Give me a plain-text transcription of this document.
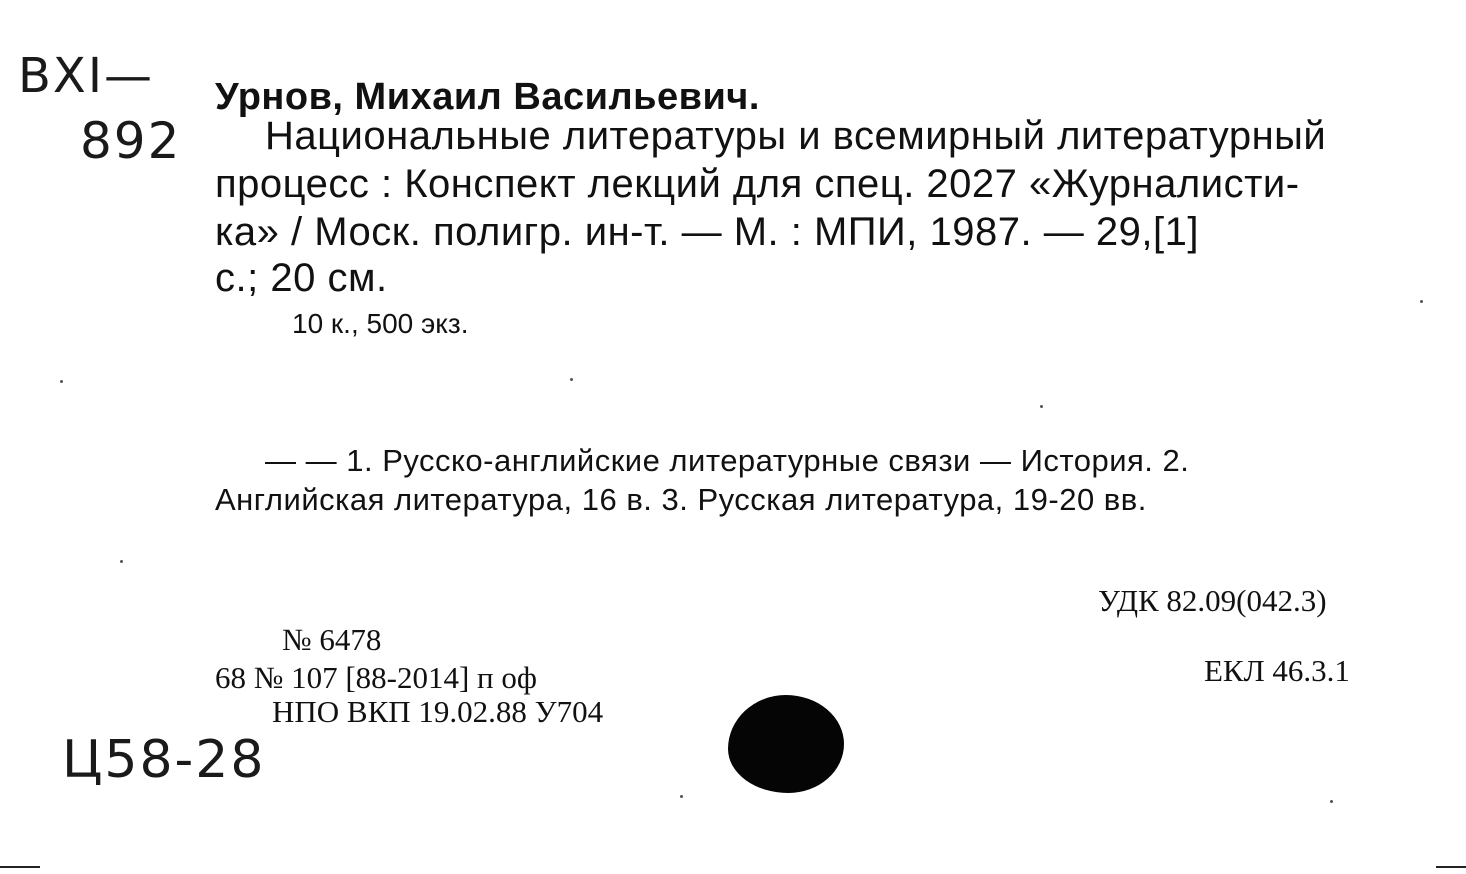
ВXI—
892
Ц58-28
Урнов, Михаил Васильевич.
Национальные литературы и всемирный литературный
процесс : Конспект лекций для спец. 2027 «Журналисти-
ка» / Моск. полигр. ин-т. — М. : МПИ, 1987. — 29,[1]
с.; 20 см.
10 к., 500 экз.
— — 1. Русско-английские литературные связи — История. 2.
Английская литература, 16 в. 3. Русская литература, 19-20 вв.
УДК 82.09(042.3)
ЕКЛ 46.3.1
№ 6478
68 № 107 [88-2014] п оф
НПО ВКП 19.02.88 У704
